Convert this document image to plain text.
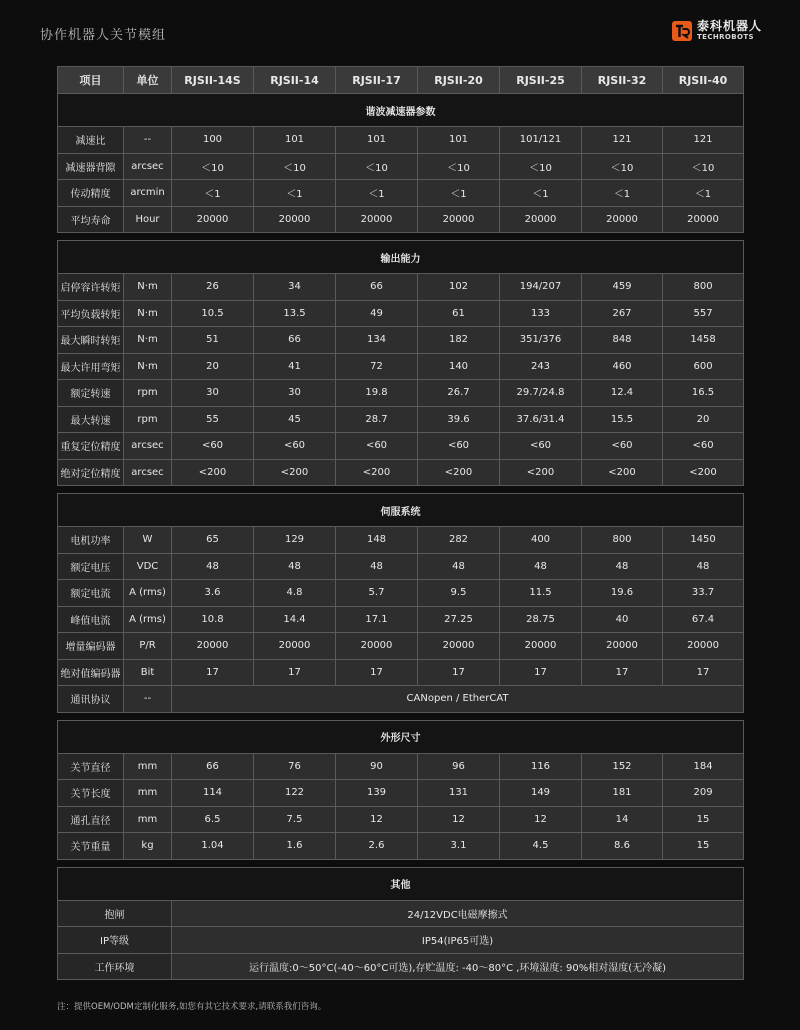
协作机器人关节模组
泰科机器人
TECHROBOTS
项目	单位	RJSII-14S	RJSII-14	RJSII-17	RJSII-20	RJSII-25	RJSII-32	RJSII-40
谐波减速器参数								
减速比	--	100	101	101	101	101/121	121	121
减速器背隙	arcsec	＜10	＜10	＜10	＜10	＜10	＜10	＜10
传动精度	arcmin	＜1	＜1	＜1	＜1	＜1	＜1	＜1
平均寿命	Hour	20000	20000	20000	20000	20000	20000	20000
输出能力								
启停容许转矩	N·m	26	34	66	102	194/207	459	800
平均负载转矩	N·m	10.5	13.5	49	61	133	267	557
最大瞬时转矩	N·m	51	66	134	182	351/376	848	1458
最大许用弯矩	N·m	20	41	72	140	243	460	600
额定转速	rpm	30	30	19.8	26.7	29.7/24.8	12.4	16.5
最大转速	rpm	55	45	28.7	39.6	37.6/31.4	15.5	20
重复定位精度	arcsec	<60	<60	<60	<60	<60	<60	<60
绝对定位精度	arcsec	<200	<200	<200	<200	<200	<200	<200
伺服系统								
电机功率	W	65	129	148	282	400	800	1450
额定电压	VDC	48	48	48	48	48	48	48
额定电流	A (rms)	3.6	4.8	5.7	9.5	11.5	19.6	33.7
峰值电流	A (rms)	10.8	14.4	17.1	27.25	28.75	40	67.4
增量编码器	P/R	20000	20000	20000	20000	20000	20000	20000
绝对值编码器	Bit	17	17	17	17	17	17	17
通讯协议	--	CANopen / EtherCAT						
外形尺寸								
关节直径	mm	66	76	90	96	116	152	184
关节长度	mm	114	122	139	131	149	181	209
通孔直径	mm	6.5	7.5	12	12	12	14	15
关节重量	kg	1.04	1.6	2.6	3.1	4.5	8.6	15
其他	
抱闸	24/12VDC电磁摩擦式
IP等级	IP54(IP65可选)
工作环境	运行温度:0～50°C(-40～60°C可选),存贮温度: -40～80°C ,环境湿度: 90%相对湿度(无冷凝)
注：提供OEM/ODM定制化服务,如您有其它技术要求,请联系我们咨询。
